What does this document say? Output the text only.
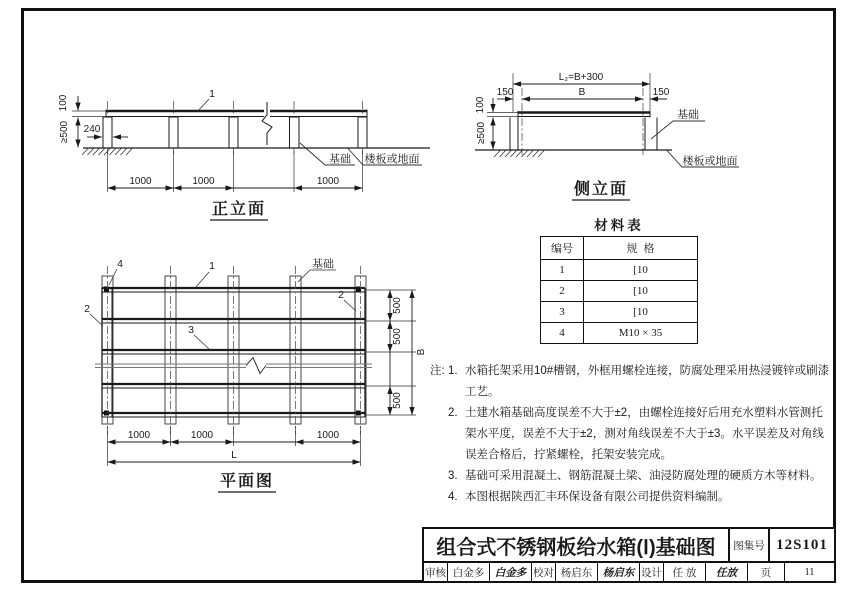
1
100
≥500 240
基础 楼板或地面
1000	1000	1000
正立面
L₂=B+300
B
150	150
100
≥500
基础
楼板或地面
侧立面
4	1	基础
2
2
3
500
500
500
B
1000	1000	1000
L
平面图
材料表
编号	规  格
1	[10
2	[10
3	[10
4	M10 × 35
注: 1. 水箱托架采用10#槽钢，外框用螺栓连接，防腐处理采用热浸镀锌或刷漆工艺。
2. 土建水箱基础高度误差不大于±2，由螺栓连接好后用充水塑料水管测托架水平度，误差不大于±2，测对角线误差不大于±3。水平误差及对角线误差合格后，拧紧螺栓，托架安装完成。
3. 基础可采用混凝土、钢筋混凝土梁、油浸防腐处理的硬质方木等材料。
4. 本图根据陕西汇丰环保设备有限公司提供资料编制。
组合式不锈钢板给水箱(Ⅰ)基础图	图集号 12S101
审核 白金多	白金多 校对 杨启东	杨启东 设计	任 放	任放	页	11
